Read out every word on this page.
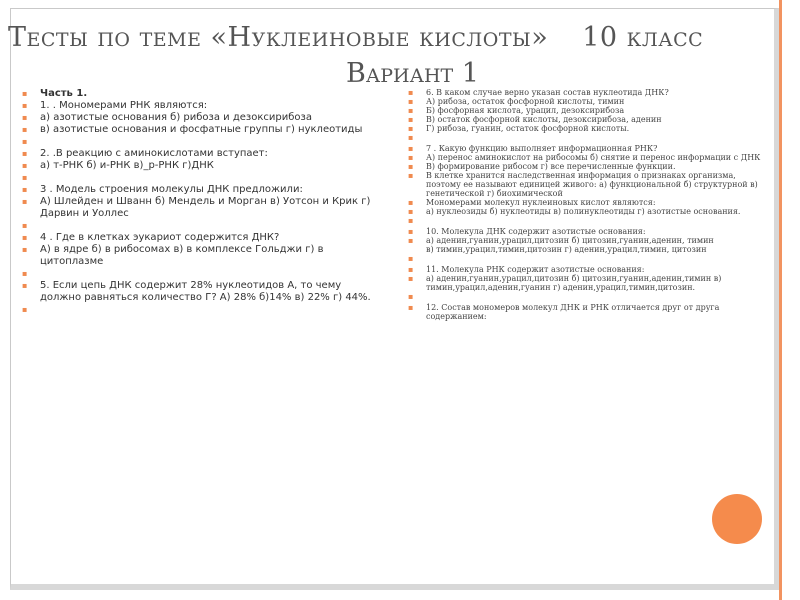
Тесты по теме «Нуклеиновые кислоты» 10 класс
Вариант 1
▪ Часть 1.
▪ 1. . Мономерами РНК являются:
▪ а) азотистые основания б) рибоза и дезоксирибоза
▪ в) азотистые основания и фосфатные группы г) нуклеотиды
▪
▪ 2. .В реакцию с аминокислотами вступает:
▪ а) т-РНК б) и-РНК в)_р-РНК г)ДНК
▪
▪ 3 . Модель строения молекулы ДНК предложили:
▪ А) Шлейден и Шванн б) Мендель и Морган в) Уотсон и Крик г) Дарвин и Уоллес
▪
▪ 4 . Где в клетках эукариот содержится ДНК?
▪ А) в ядре б) в рибосомах в) в комплексе Гольджи г) в цитоплазме
▪
▪ 5. Если цепь ДНК содержит 28% нуклеотидов А, то чему должно равняться количество Г? А) 28% б)14% в) 22% г) 44%.
▪
▪ 6. В каком случае верно указан состав нуклеотида ДНК?
▪ А) рибоза, остаток фосфорной кислоты, тимин
▪ Б) фосфорная кислота, урацил, дезоксирибоза
▪ В) остаток фосфорной кислоты, дезоксирибоза, аденин
▪ Г) рибоза, гуанин, остаток фосфорной кислоты.
▪
▪ 7 . Какую функцию выполняет информационная РНК?
▪ А) перенос аминокислот на рибосомы б) снятие и перенос информации с ДНК
▪ В) формирование рибосом г) все перечисленные функции.
▪ В клетке хранится наследственная информация о признаках организма, поэтому ее называют единицей живого: а) функциональной б) структурной в) генетической г) биохимической
▪ Мономерами молекул нуклеиновых кислот являются:
▪ а) нуклеозиды б) нуклеотиды в) полинуклеотиды г) азотистые основания.
▪
▪ 10. Молекула ДНК содержит азотистые основания:
▪ а) аденин,гуанин,урацил,цитозин б) цитозин,гуанин,аденин, тимин
в) тимин,урацил,тимин,цитозин г) аденин,урацил,тимин, цитозин
▪
▪ 11. Молекула РНК содержит азотистые основания:
▪ а) аденин,гуанин,урацил,цитозин б) цитозин,гуанин,аденин,тимин в) тимин,урацил,аденин,гуанин г) аденин,урацил,тимин,цитозин.
▪
▪ 12. Состав мономеров молекул ДНК и РНК отличается друг от друга содержанием:
